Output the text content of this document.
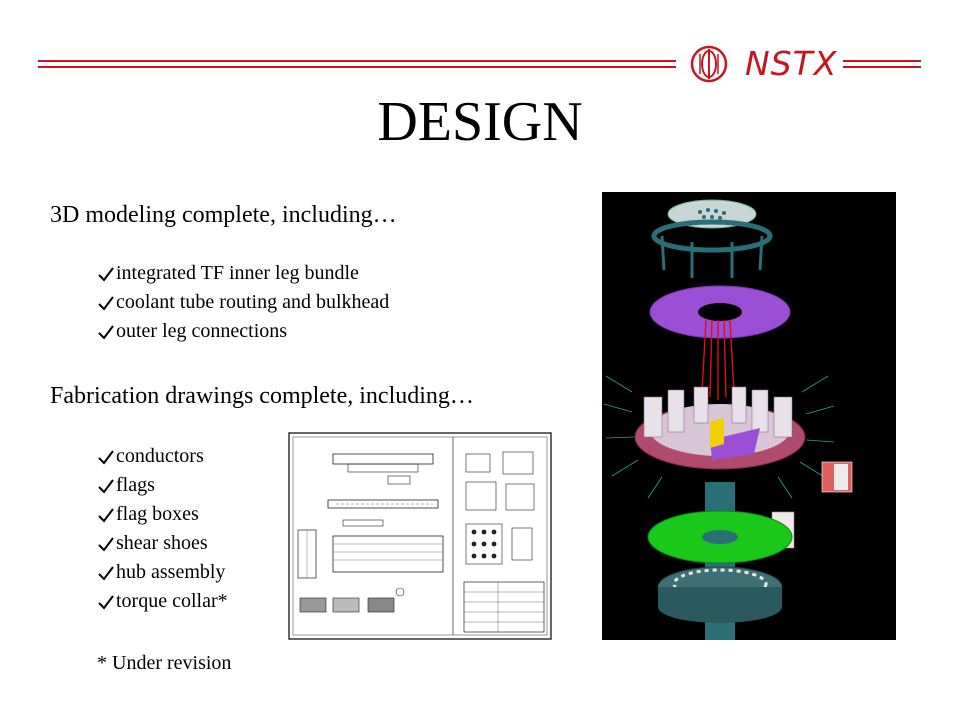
NSTX
DESIGN
3D modeling complete, including…
integrated TF inner leg bundle
coolant tube routing and bulkhead
outer leg connections
Fabrication drawings complete, including…
conductors
flags
flag boxes
shear shoes
hub assembly
torque collar*
* Under revision
